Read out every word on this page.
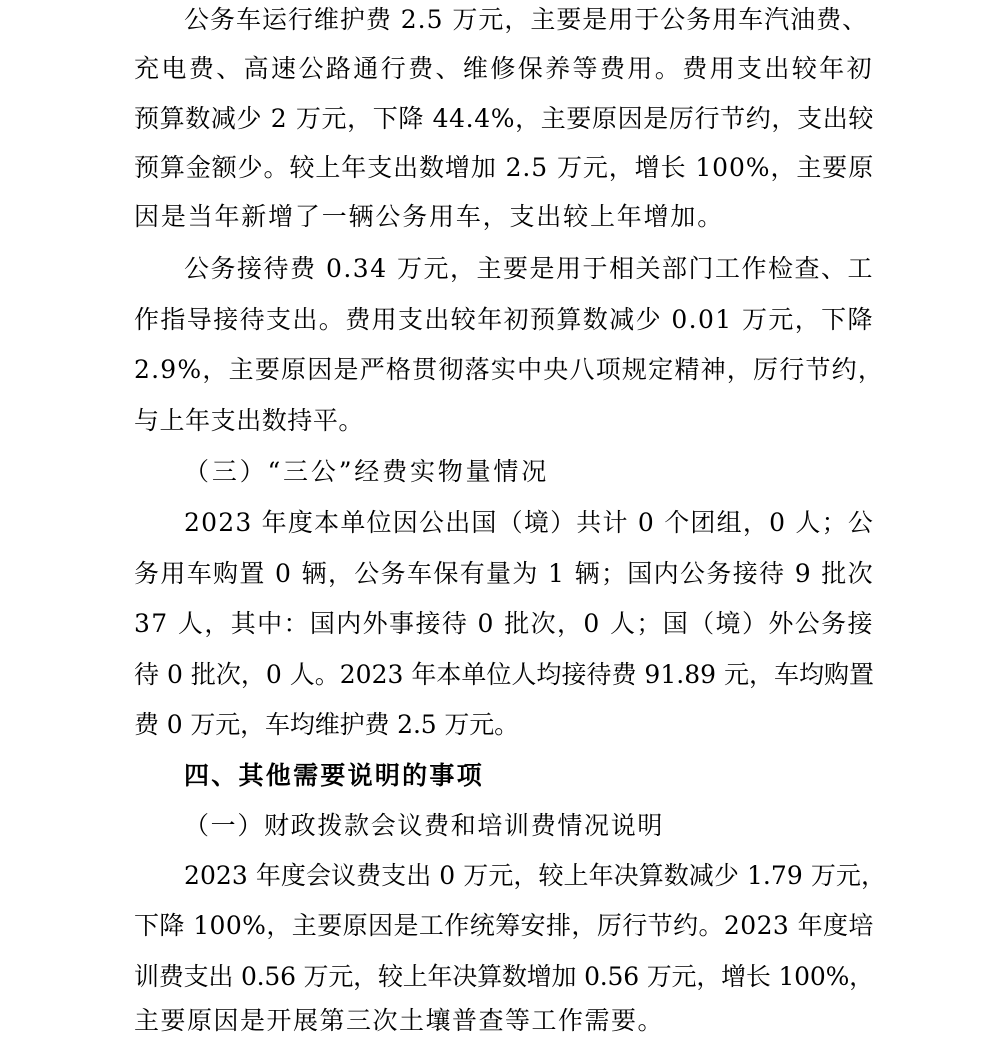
公务车运行维护费 2.5 万元，主要是用于公务用车汽油费、
充电费、高速公路通行费、维修保养等费用。费用支出较年初
预算数减少 2 万元，下降 44.4%，主要原因是厉行节约，支出较
预算金额少。较上年支出数增加 2.5 万元，增长 100%，主要原
因是当年新增了一辆公务用车，支出较上年增加。
公务接待费 0.34 万元，主要是用于相关部门工作检查、工
作指导接待支出。费用支出较年初预算数减少 0.01 万元，下降
2.9%，主要原因是严格贯彻落实中央八项规定精神，厉行节约，
与上年支出数持平。
（三）“三公”经费实物量情况
2023 年度本单位因公出国（境）共计 0 个团组，0 人；公
务用车购置 0 辆，公务车保有量为 1 辆；国内公务接待 9 批次
37 人，其中：国内外事接待 0 批次，0 人；国（境）外公务接
待 0 批次，0 人。2023 年本单位人均接待费 91.89 元，车均购置
费 0 万元，车均维护费 2.5 万元。
四、其他需要说明的事项
（一）财政拨款会议费和培训费情况说明
2023 年度会议费支出 0 万元，较上年决算数减少 1.79 万元，
下降 100%，主要原因是工作统筹安排，厉行节约。2023 年度培
训费支出 0.56 万元，较上年决算数增加 0.56 万元，增长 100%，
主要原因是开展第三次土壤普查等工作需要。
